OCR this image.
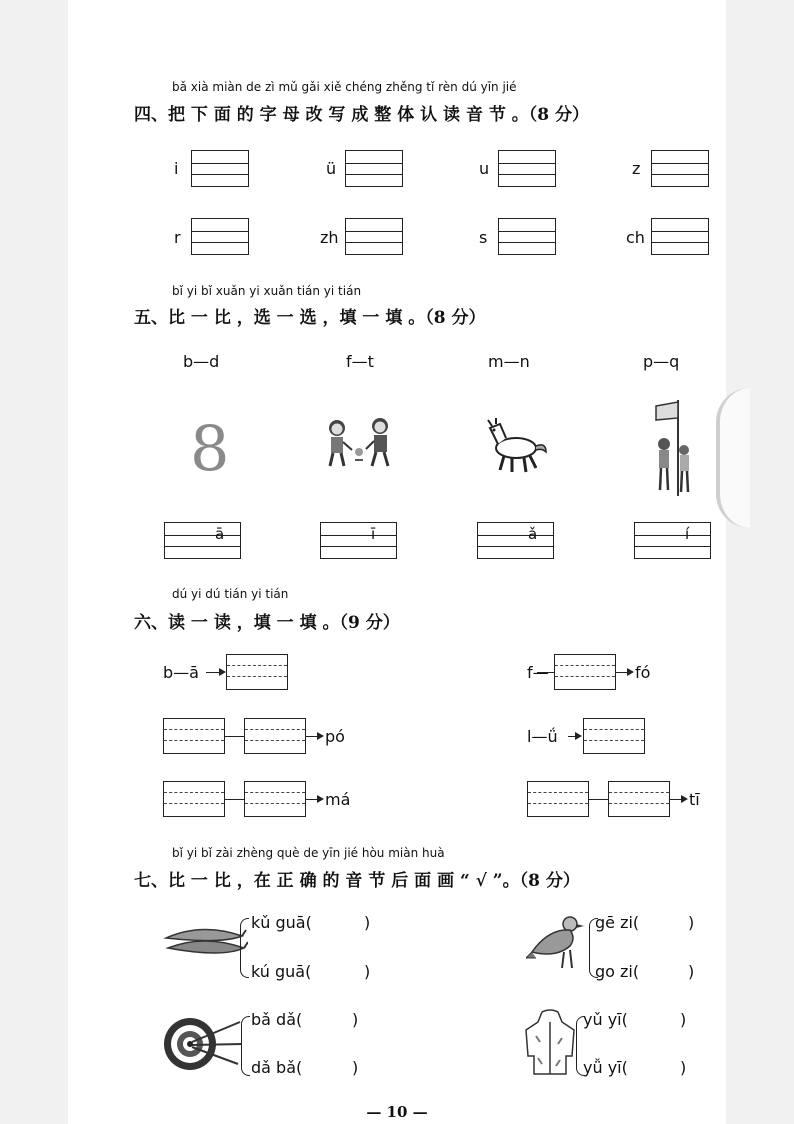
bǎ xià miàn de zì mǔ gǎi xiě chéng zhěng tǐ rèn dú yīn jié
四、把 下 面 的 字 母 改 写 成 整 体 认 读 音 节 。（8 分）
i	ü	u	z
r	zh	s	ch
bǐ yi bǐ xuǎn yi xuǎn tián yi tián
五、比 一 比 ，选 一 选 ，填 一 填 。（8 分）
b—d	f—t	m—n	p—q
8
ā	ī	ǎ	í
dú yi dú tián yi tián
六、读 一 读 ，填 一 填 。（9 分）
b—ā	f—	fó
pó	l—ǘ
má	tī
bǐ yi bǐ zài zhèng què de yīn jié hòu miàn huà
七、比 一 比 ，在 正 确 的 音 节 后 面 画 “ √ ”。（8 分）
kǔ guā(	)
kú guā(	)
gē zi(	)
go zi(	)
bǎ dǎ(	)
dǎ bǎ(	)
yǔ yī(	)
yǚ yī(	)
— 10 —
